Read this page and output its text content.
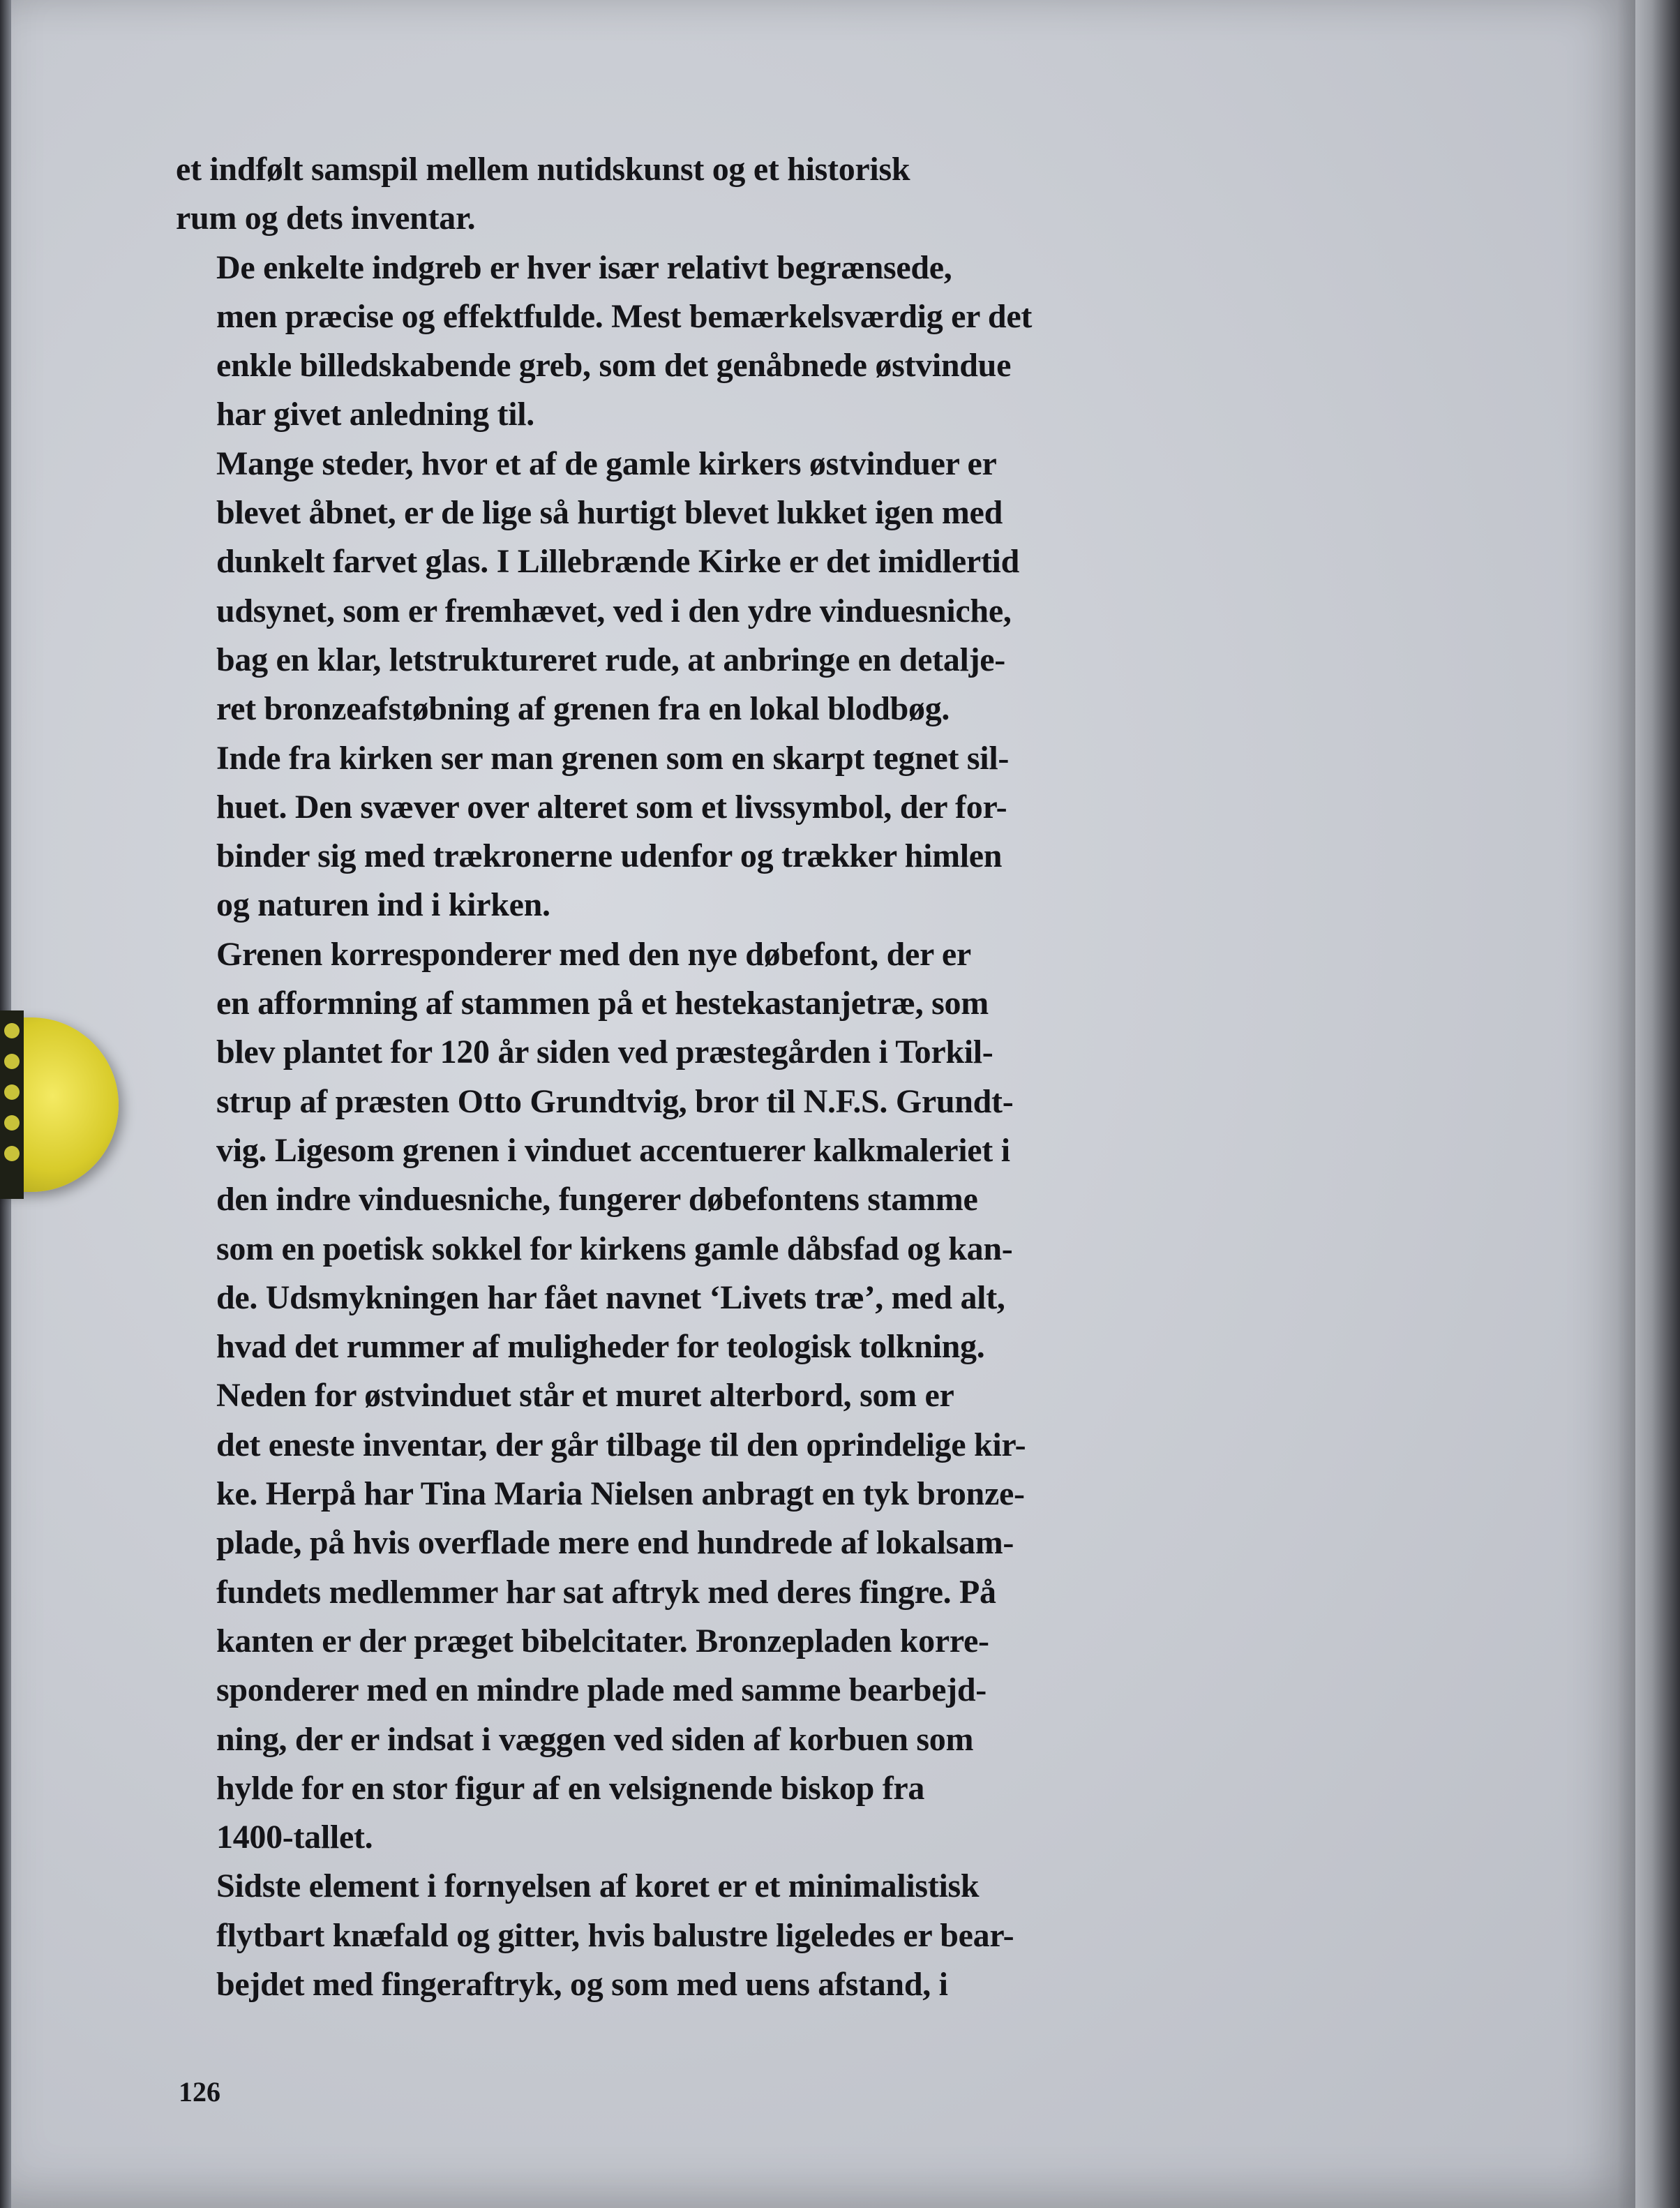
et indfølt samspil mellem nutidskunst og et historisk
rum og dets inventar.

De enkelte indgreb er hver især relativt begrænsede,
men præcise og effektfulde. Mest bemærkelsværdig er det
enkle billedskabende greb, som det genåbnede østvindue
har givet anledning til.

Mange steder, hvor et af de gamle kirkers østvinduer er
blevet åbnet, er de lige så hurtigt blevet lukket igen med
dunkelt farvet glas. I Lillebrænde Kirke er det imidlertid
udsynet, som er fremhævet, ved i den ydre vinduesniche,
bag en klar, letstruktureret rude, at anbringe en detalje-
ret bronzeafstøbning af grenen fra en lokal blodbøg.
Inde fra kirken ser man grenen som en skarpt tegnet sil-
huet. Den svæver over alteret som et livssymbol, der for-
binder sig med trækronerne udenfor og trækker himlen
og naturen ind i kirken.

Grenen korresponderer med den nye døbefont, der er
en afformning af stammen på et hestekastanjetræ, som
blev plantet for 120 år siden ved præstegården i Torkil-
strup af præsten Otto Grundtvig, bror til N.F.S. Grundt-
vig. Ligesom grenen i vinduet accentuerer kalkmaleriet i
den indre vinduesniche, fungerer døbefontens stamme
som en poetisk sokkel for kirkens gamle dåbsfad og kan-
de. Udsmykningen har fået navnet ‘Livets træ’, med alt,
hvad det rummer af muligheder for teologisk tolkning.

Neden for østvinduet står et muret alterbord, som er
det eneste inventar, der går tilbage til den oprindelige kir-
ke. Herpå har Tina Maria Nielsen anbragt en tyk bronze-
plade, på hvis overflade mere end hundrede af lokalsam-
fundets medlemmer har sat aftryk med deres fingre. På
kanten er der præget bibelcitater. Bronzepladen korre-
sponderer med en mindre plade med samme bearbejd-
ning, der er indsat i væggen ved siden af korbuen som
hylde for en stor figur af en velsignende biskop fra
1400-tallet.

Sidste element i fornyelsen af koret er et minimalistisk
flytbart knæfald og gitter, hvis balustre ligeledes er bear-
bejdet med fingeraftryk, og som med uens afstand, i

126
